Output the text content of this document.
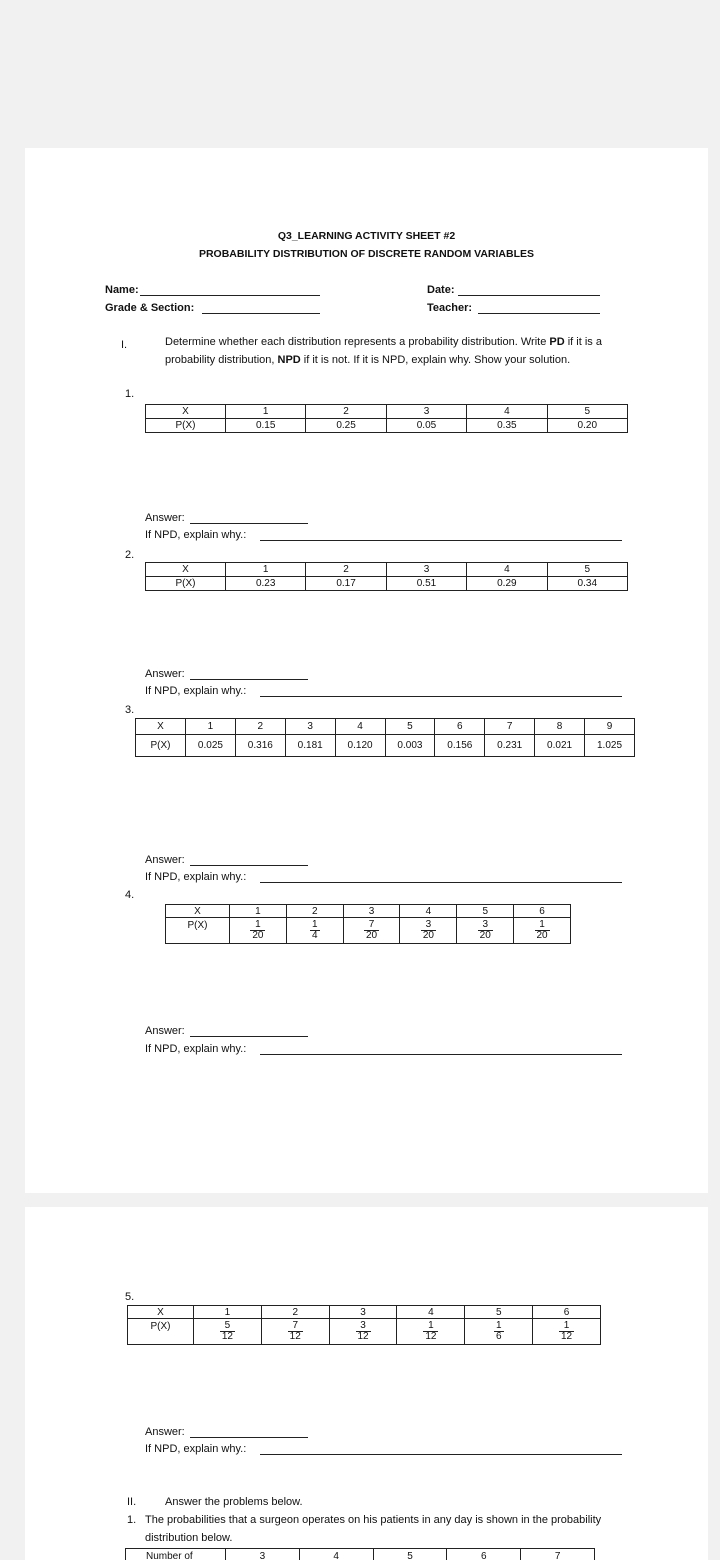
Q3_LEARNING ACTIVITY SHEET #2
PROBABILITY DISTRIBUTION OF DISCRETE RANDOM VARIABLES
Name:
Grade & Section:
Date:
Teacher:
I.	Determine whether each distribution represents a probability distribution. Write PD if it is a probability distribution, NPD if it is not. If it is NPD, explain why. Show your solution.
1.
X	1	2	3	4	5
P(X)	0.15	0.25	0.05	0.35	0.20
Answer:
If NPD, explain why.:
2.
X	1	2	3	4	5
P(X)	0.23	0.17	0.51	0.29	0.34
Answer:
If NPD, explain why.:
3.
X	1	2	3	4	5	6	7	8	9
P(X)	0.025	0.316	0.181	0.120	0.003	0.156	0.231	0.021	1.025
Answer:
If NPD, explain why.:
4.
X	1	2	3	4	5	6
P(X)	$\frac{1}{20}$	$\frac{1}{4}$	$\frac{7}{20}$	$\frac{3}{20}$	$\frac{3}{20}$	$\frac{1}{20}$
Answer:
If NPD, explain why.:
5.
X	1	2	3	4	5	6
P(X)	$\frac{5}{12}$	$\frac{7}{12}$	$\frac{3}{12}$	$\frac{1}{12}$	$\frac{1}{6}$	$\frac{1}{12}$
Answer:
If NPD, explain why.:
II.	Answer the problems below.
1. The probabilities that a surgeon operates on his patients in any day is shown in the probability distribution below.
Number of	3	4	5	6	7
